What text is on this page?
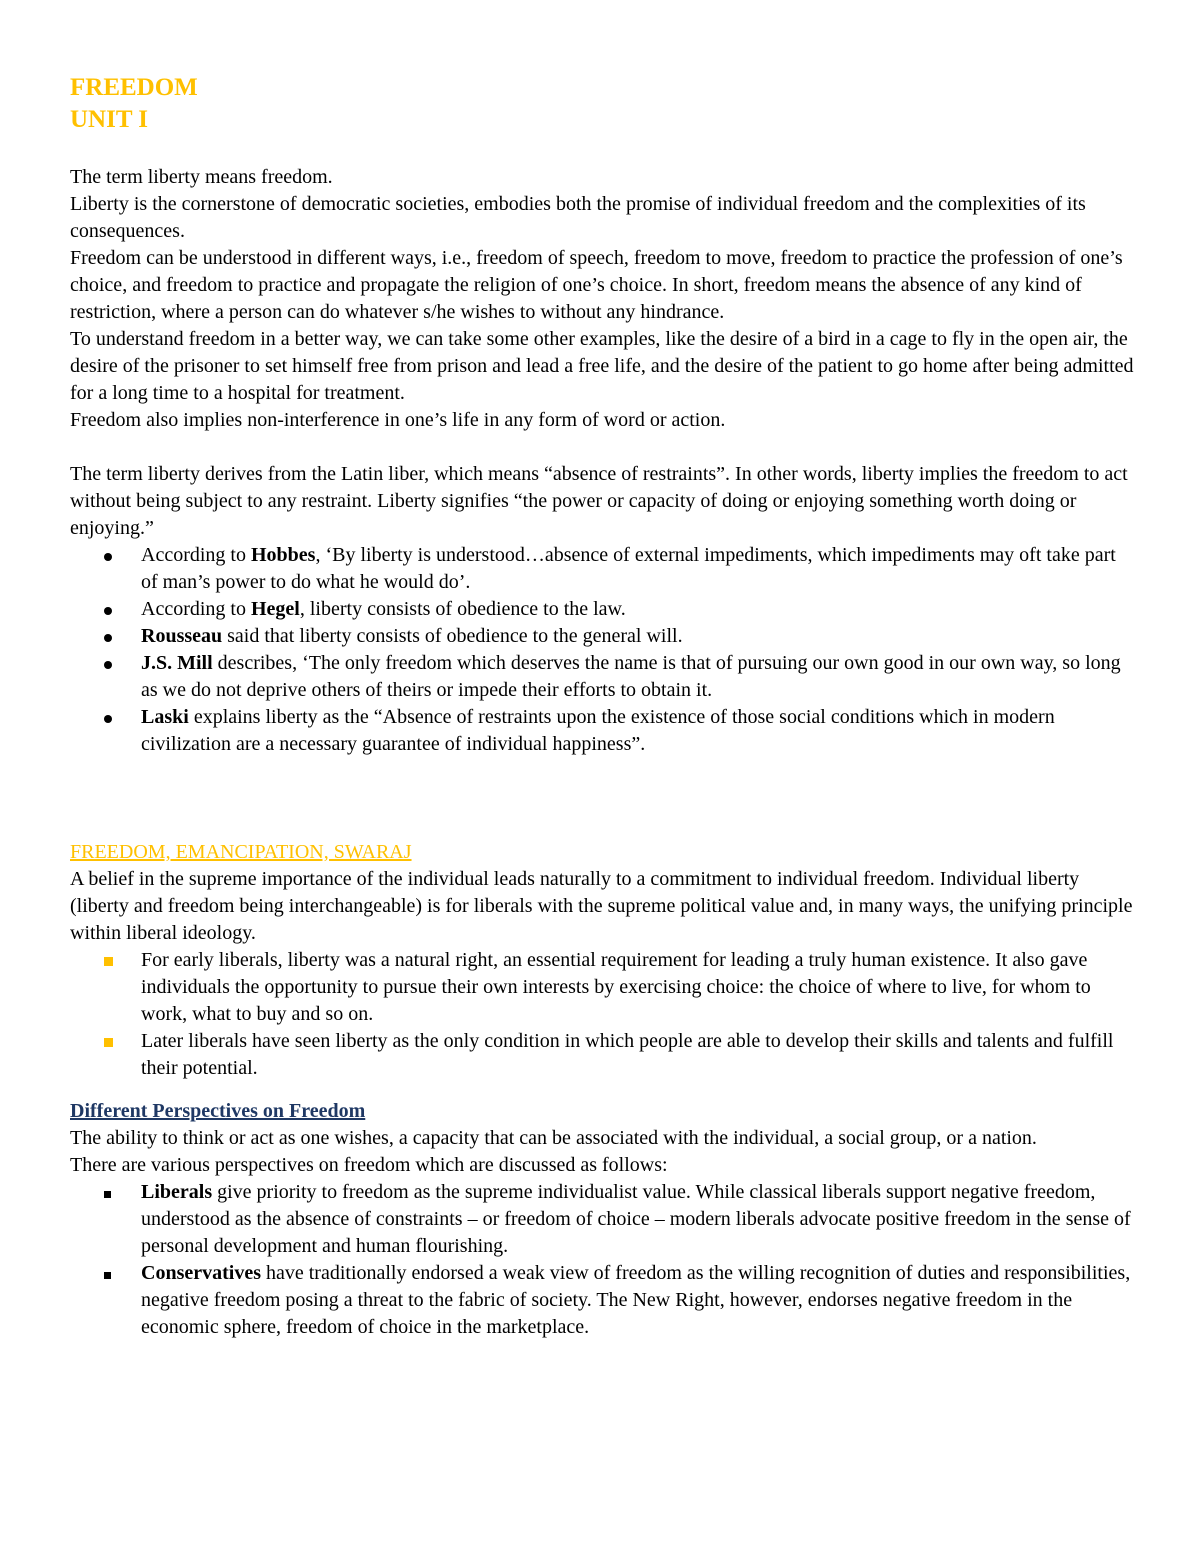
FREEDOM
UNIT I

The term liberty means freedom.

Liberty is the cornerstone of democratic societies, embodies both the promise of individual freedom and the complexities of its consequences.

Freedom can be understood in different ways, i.e., freedom of speech, freedom to move, freedom to practice the profession of one’s choice, and freedom to practice and propagate the religion of one’s choice. In short, freedom means the absence of any kind of restriction, where a person can do whatever s/he wishes to without any hindrance.

To understand freedom in a better way, we can take some other examples, like the desire of a bird in a cage to fly in the open air, the desire of the prisoner to set himself free from prison and lead a free life, and the desire of the patient to go home after being admitted for a long time to a hospital for treatment.

Freedom also implies non-interference in one’s life in any form of word or action.

The term liberty derives from the Latin liber, which means “absence of restraints”. In other words, liberty implies the freedom to act without being subject to any restraint. Liberty signifies “the power or capacity of doing or enjoying something worth doing or enjoying.”

According to Hobbes, ‘By liberty is understood…absence of external impediments, which impediments may oft take part of man’s power to do what he would do’.
According to Hegel, liberty consists of obedience to the law.
Rousseau said that liberty consists of obedience to the general will.
J.S. Mill describes, ‘The only freedom which deserves the name is that of pursuing our own good in our own way, so long as we do not deprive others of theirs or impede their efforts to obtain it.
Laski explains liberty as the “Absence of restraints upon the existence of those social conditions which in modern civilization are a necessary guarantee of individual happiness”.
FREEDOM, EMANCIPATION, SWARAJ

A belief in the supreme importance of the individual leads naturally to a commitment to individual freedom. Individual liberty (liberty and freedom being interchangeable) is for liberals with the supreme political value and, in many ways, the unifying principle within liberal ideology.

For early liberals, liberty was a natural right, an essential requirement for leading a truly human existence. It also gave individuals the opportunity to pursue their own interests by exercising choice: the choice of where to live, for whom to work, what to buy and so on.
Later liberals have seen liberty as the only condition in which people are able to develop their skills and talents and fulfill their potential.
Different Perspectives on Freedom

The ability to think or act as one wishes, a capacity that can be associated with the individual, a social group, or a nation.

There are various perspectives on freedom which are discussed as follows:

Liberals give priority to freedom as the supreme individualist value. While classical liberals support negative freedom, understood as the absence of constraints – or freedom of choice – modern liberals advocate positive freedom in the sense of personal development and human flourishing.
Conservatives have traditionally endorsed a weak view of freedom as the willing recognition of duties and responsibilities, negative freedom posing a threat to the fabric of society. The New Right, however, endorses negative freedom in the economic sphere, freedom of choice in the marketplace.
